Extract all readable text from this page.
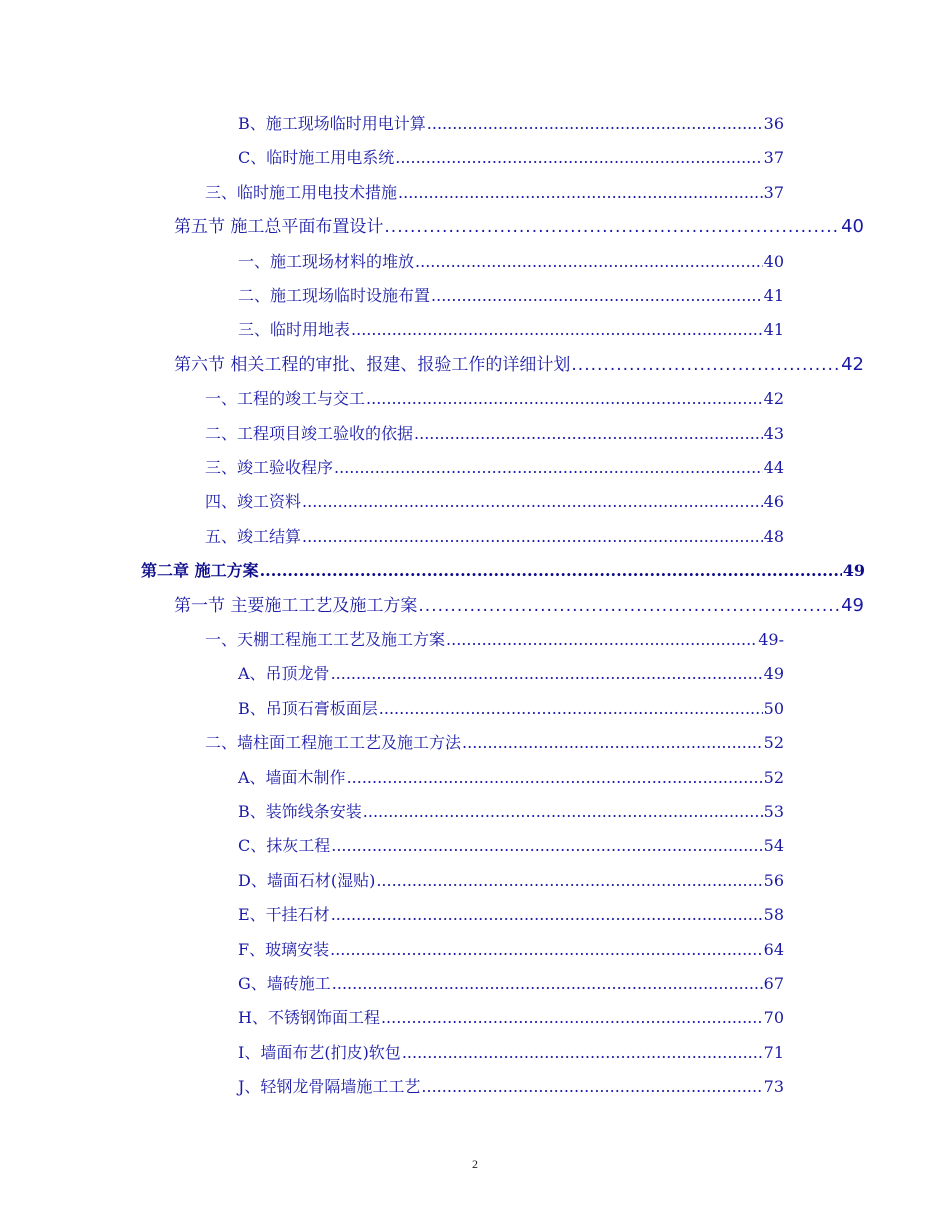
B、施工现场临时用电计算 .....	36
C、临时施工用电系统 .....	37
三、临时施工用电技术措施 .....	37
第五节 施工总平面布置设计 .....	40
一、施工现场材料的堆放 .....	40
二、施工现场临时设施布置 .....	41
三、临时用地表 .....	41
第六节 相关工程的审批、报建、报验工作的详细计划 .....	42
一、工程的竣工与交工 .....	42
二、工程项目竣工验收的依据 .....	43
三、竣工验收程序 .....	44
四、竣工资料 .....	46
五、竣工结算 .....	48
第二章 施工方案 .....	49
第一节 主要施工工艺及施工方案 .....	49
一、天棚工程施工工艺及施工方案 .....	49-
A、吊顶龙骨 .....	49
B、吊顶石膏板面层 .....	50
二、墙柱面工程施工工艺及施工方法 .....	52
A、墙面木制作 .....	52
B、装饰线条安装 .....	53
C、抹灰工程 .....	54
D、墙面石材(湿贴) .....	56
E、干挂石材 .....	58
F、玻璃安装 .....	64
G、墙砖施工 .....	67
H、不锈钢饰面工程 .....	70
I、墙面布艺(扪皮)软包 .....	71
J、轻钢龙骨隔墙施工工艺 .....	73
2
